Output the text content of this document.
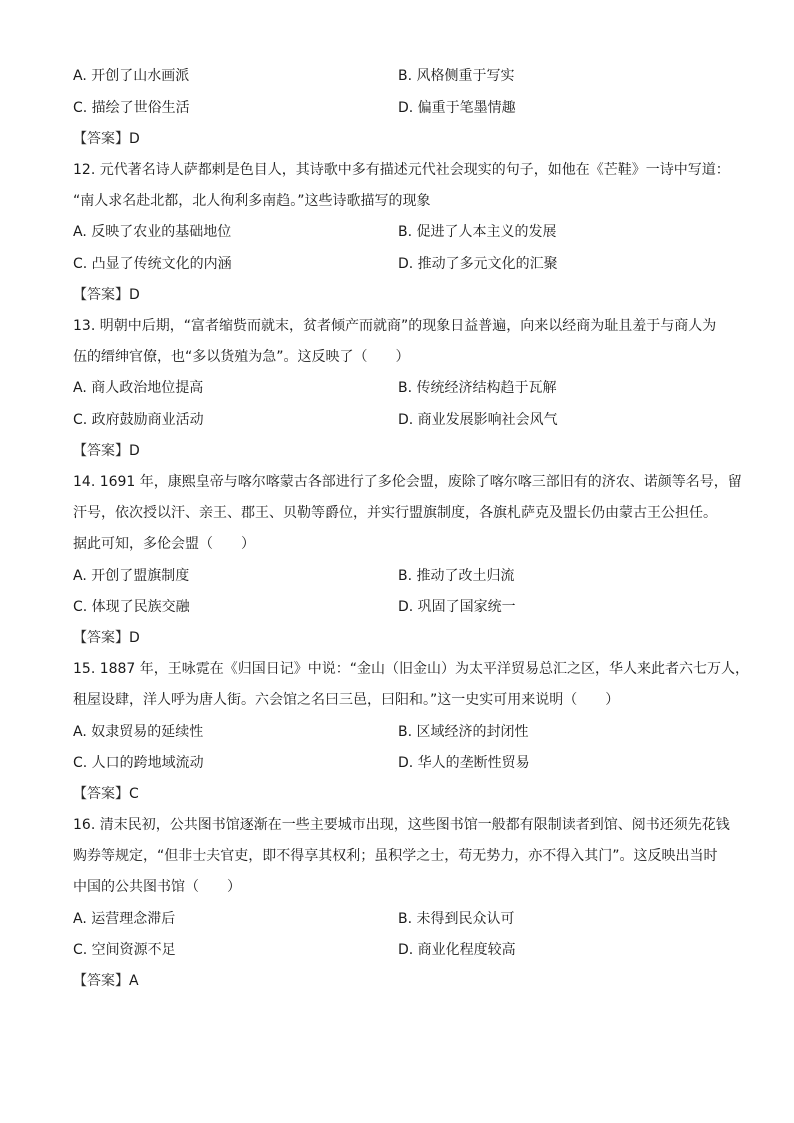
A. 开创了山水画派	B. 风格侧重于写实
C. 描绘了世俗生活	D. 偏重于笔墨情趣
【答案】D
12. 元代著名诗人萨都剌是色目人，其诗歌中多有描述元代社会现实的句子，如他在《芒鞋》一诗中写道：
“南人求名赴北都，北人徇利多南趋。”这些诗歌描写的现象
A. 反映了农业的基础地位	B. 促进了人本主义的发展
C. 凸显了传统文化的内涵	D. 推动了多元文化的汇聚
【答案】D
13. 明朝中后期，“富者缩赀而就末，贫者倾产而就商”的现象日益普遍，向来以经商为耻且羞于与商人为
伍的缙绅官僚，也“多以货殖为急”。这反映了（　　）
A. 商人政治地位提高	B. 传统经济结构趋于瓦解
C. 政府鼓励商业活动	D. 商业发展影响社会风气
【答案】D
14. 1691 年，康熙皇帝与喀尔喀蒙古各部进行了多伦会盟，废除了喀尔喀三部旧有的济农、诺颜等名号，留
汗号，依次授以汗、亲王、郡王、贝勒等爵位，并实行盟旗制度，各旗札萨克及盟长仍由蒙古王公担任。
据此可知，多伦会盟（　　）
A. 开创了盟旗制度	B. 推动了改土归流
C. 体现了民族交融	D. 巩固了国家统一
【答案】D
15. 1887 年，王咏霓在《归国日记》中说：“金山（旧金山）为太平洋贸易总汇之区，华人来此者六七万人，
租屋设肆，洋人呼为唐人街。六会馆之名曰三邑，曰阳和。”这一史实可用来说明（　　）
A. 奴隶贸易的延续性	B. 区域经济的封闭性
C. 人口的跨地域流动	D. 华人的垄断性贸易
【答案】C
16. 清末民初，公共图书馆逐渐在一些主要城市出现，这些图书馆一般都有限制读者到馆、阅书还须先花钱
购券等规定，“但非士夫官吏，即不得享其权利；虽积学之士，苟无势力，亦不得入其门”。这反映出当时
中国的公共图书馆（　　）
A. 运营理念滞后	B. 未得到民众认可
C. 空间资源不足	D. 商业化程度较高
【答案】A
